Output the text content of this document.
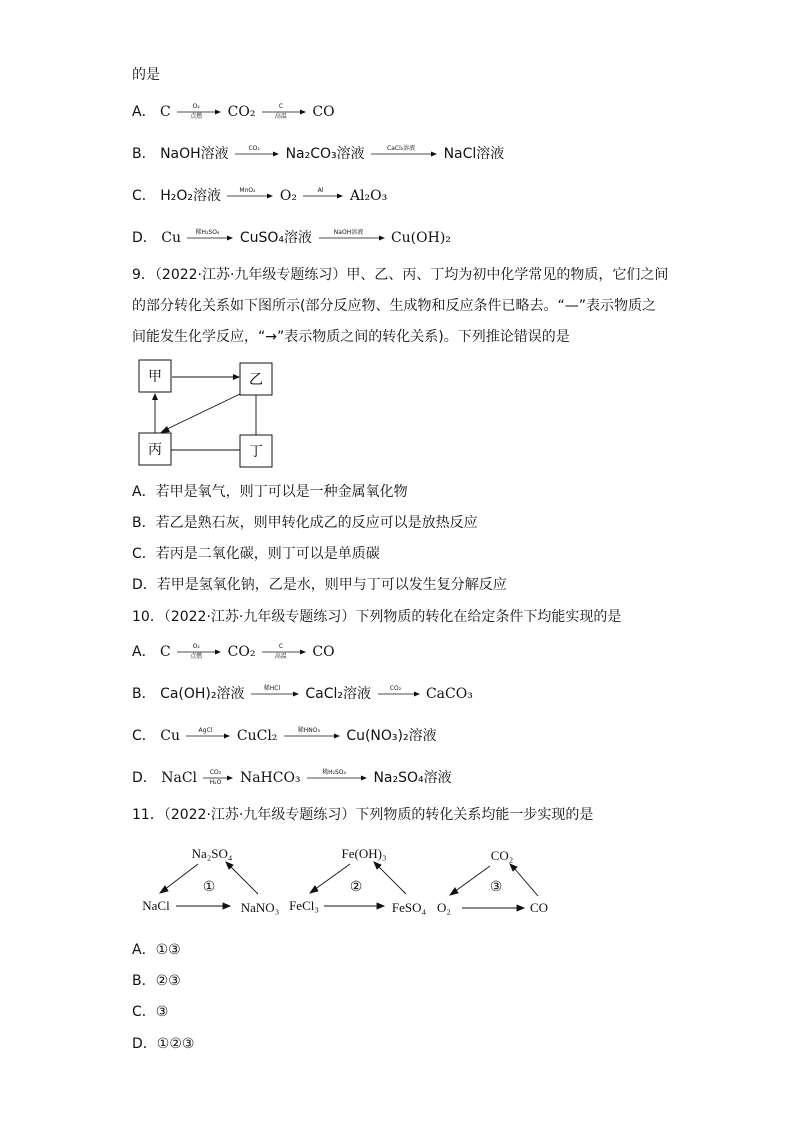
的是
A． C	O₂
点燃	CO₂	C
高温	CO
B． NaOH溶液	CO₂	Na₂CO₃溶液	CaCl₂溶液	NaCl溶液
C． H₂O₂溶液	MnO₂	O₂	Al	Al₂O₃
D． Cu	稀H₂SO₄	CuSO₄溶液	NaOH溶液	Cu(OH)₂
9．（2022·江苏·九年级专题练习）甲、乙、丙、丁均为初中化学常见的物质，它们之间
的部分转化关系如下图所示(部分反应物、生成物和反应条件已略去。“—”表示物质之
间能发生化学反应，“→”表示物质之间的转化关系)。下列推论错误的是
甲	乙
丙	丁
A．若甲是氧气，则丁可以是一种金属氧化物
B．若乙是熟石灰，则甲转化成乙的反应可以是放热反应
C．若丙是二氧化碳，则丁可以是单质碳
D．若甲是氢氧化钠，乙是水，则甲与丁可以发生复分解反应
10．（2022·江苏·九年级专题练习）下列物质的转化在给定条件下均能实现的是
A． C	O₂
点燃	CO₂	C
高温	CO
B． Ca(OH)₂溶液	稀HCl	CaCl₂溶液	CO₂	CaCO₃
C． Cu	AgCl	CuCl₂	稀HNO₃	Cu(NO₃)₂溶液
D． NaCl	CO₂
H₂O	NaHCO₃	稀H₂SO₄	Na₂SO₄溶液
11．（2022·江苏·九年级专题练习）下列物质的转化关系均能一步实现的是
Na₂SO₄
NaCl	NaNO₃
①
Fe(OH)₃
FeCl₃	FeSO₄
②
CO₂
O₂	CO
③
A．①③
B．②③
C．③
D．①②③
